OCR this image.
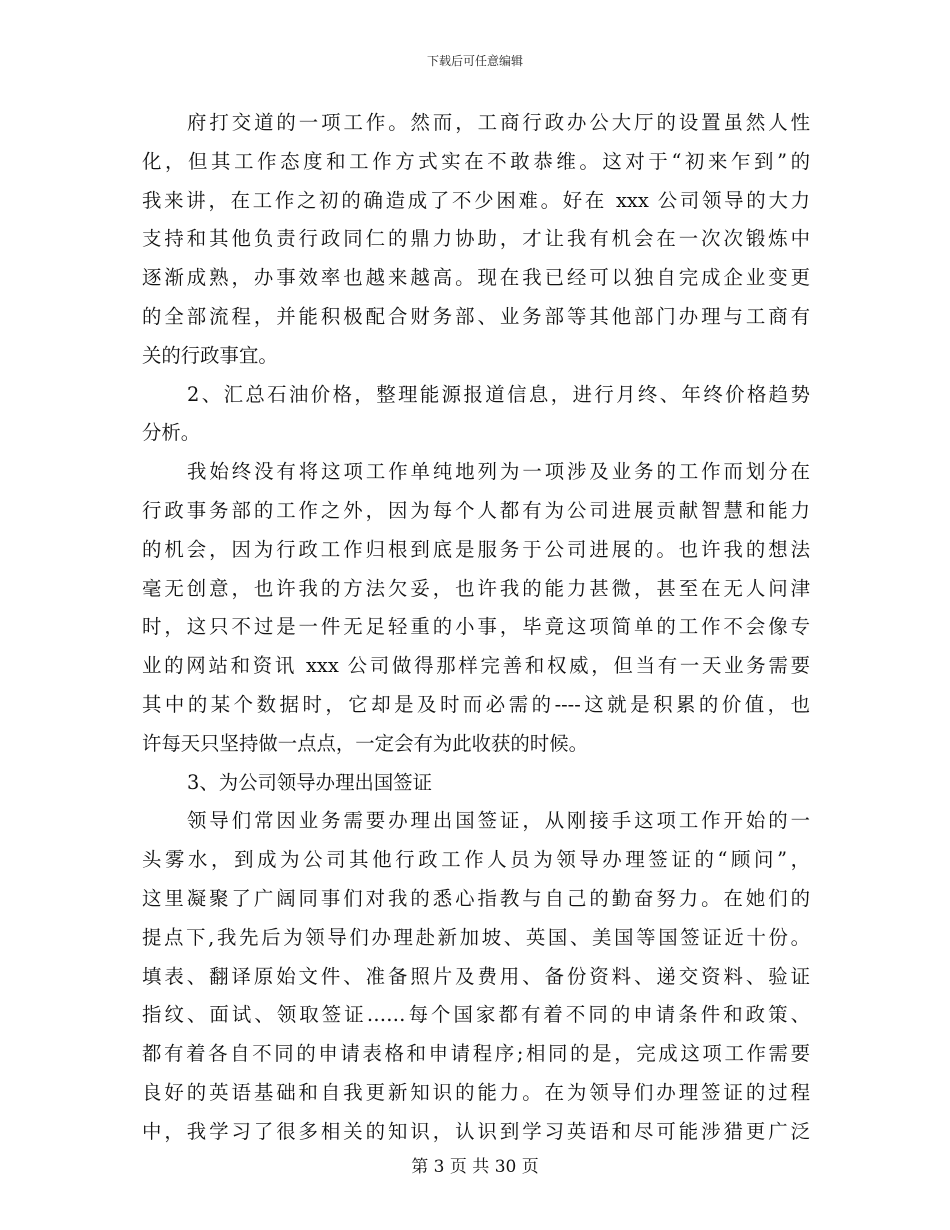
下载后可任意编辑
府打交道的一项工作。然而，工商行政办公大厅的设置虽然人性
化，但其工作态度和工作方式实在不敢恭维。这对于“初来乍到”的
我来讲，在工作之初的确造成了不少困难。好在 xxx 公司领导的大力
支持和其他负责行政同仁的鼎力协助，才让我有机会在一次次锻炼中
逐渐成熟，办事效率也越来越高。现在我已经可以独自完成企业变更
的全部流程，并能积极配合财务部、业务部等其他部门办理与工商有
关的行政事宜。
2、汇总石油价格，整理能源报道信息，进行月终、年终价格趋势
分析。
我始终没有将这项工作单纯地列为一项涉及业务的工作而划分在
行政事务部的工作之外，因为每个人都有为公司进展贡献智慧和能力
的机会，因为行政工作归根到底是服务于公司进展的。也许我的想法
毫无创意，也许我的方法欠妥，也许我的能力甚微，甚至在无人问津
时，这只不过是一件无足轻重的小事，毕竟这项简单的工作不会像专
业的网站和资讯 xxx 公司做得那样完善和权威，但当有一天业务需要
其中的某个数据时，它却是及时而必需的----这就是积累的价值，也
许每天只坚持做一点点，一定会有为此收获的时候。
3、为公司领导办理出国签证
领导们常因业务需要办理出国签证，从刚接手这项工作开始的一
头雾水，到成为公司其他行政工作人员为领导办理签证的“顾问”，
这里凝聚了广阔同事们对我的悉心指教与自己的勤奋努力。在她们的
提点下,我先后为领导们办理赴新加坡、英国、美国等国签证近十份。
填表、翻译原始文件、准备照片及费用、备份资料、递交资料、验证
指纹、面试、领取签证……每个国家都有着不同的申请条件和政策、
都有着各自不同的申请表格和申请程序;相同的是，完成这项工作需要
良好的英语基础和自我更新知识的能力。在为领导们办理签证的过程
中，我学习了很多相关的知识，认识到学习英语和尽可能涉猎更广泛
第 3 页 共 30 页
